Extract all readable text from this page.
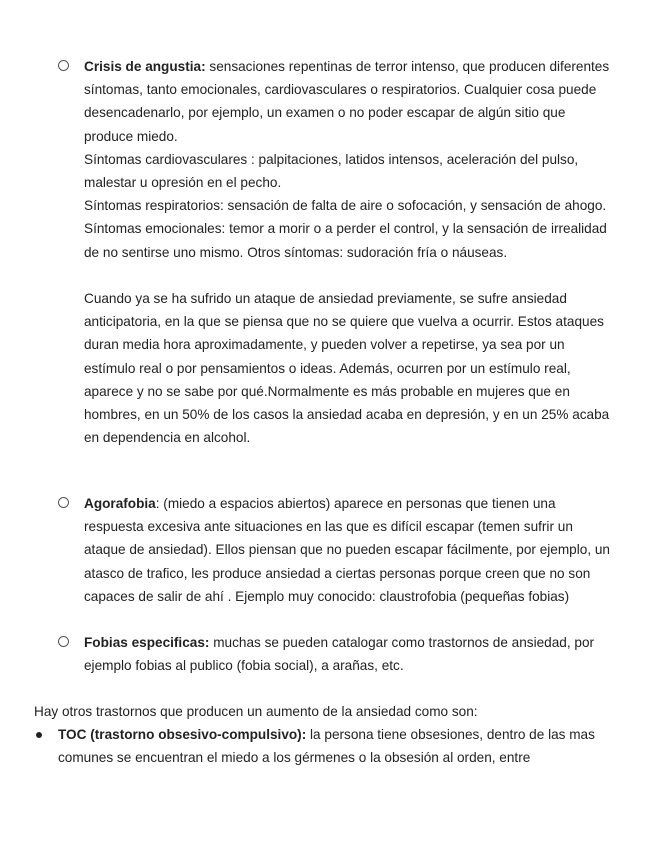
Crisis de angustia: sensaciones repentinas de terror intenso, que producen diferentes síntomas, tanto emocionales, cardiovasculares o respiratorios. Cualquier cosa puede desencadenarlo, por ejemplo, un examen o no poder escapar de algún sitio que produce miedo.

Síntomas cardiovasculares : palpitaciones, latidos intensos, aceleración del pulso, malestar u opresión en el pecho.

Síntomas respiratorios: sensación de falta de aire o sofocación, y sensación de ahogo.

Síntomas emocionales: temor a morir o a perder el control, y la sensación de irrealidad de no sentirse uno mismo. Otros síntomas: sudoración fría o náuseas.

Cuando ya se ha sufrido un ataque de ansiedad previamente, se sufre ansiedad anticipatoria, en la que se piensa que no se quiere que vuelva a ocurrir. Estos ataques duran media hora aproximadamente, y pueden volver a repetirse, ya sea por un estímulo real o por pensamientos o ideas. Además, ocurren por un estímulo real, aparece y no se sabe por qué.Normalmente es más probable en mujeres que en hombres, en un 50% de los casos la ansiedad acaba en depresión, y en un 25% acaba en dependencia en alcohol.

Agorafobia: (miedo a espacios abiertos) aparece en personas que tienen una respuesta excesiva ante situaciones en las que es difícil escapar (temen sufrir un ataque de ansiedad). Ellos piensan que no pueden escapar fácilmente, por ejemplo, un atasco de trafico, les produce ansiedad a ciertas personas porque creen que no son capaces de salir de ahí . Ejemplo muy conocido: claustrofobia (pequeñas fobias)

Fobias especificas: muchas se pueden catalogar como trastornos de ansiedad, por ejemplo fobias al publico (fobia social), a arañas, etc.

Hay otros trastornos que producen un aumento de la ansiedad como son:

TOC (trastorno obsesivo-compulsivo): la persona tiene obsesiones, dentro de las mas comunes se encuentran el miedo a los gérmenes o la obsesión al orden, entre
